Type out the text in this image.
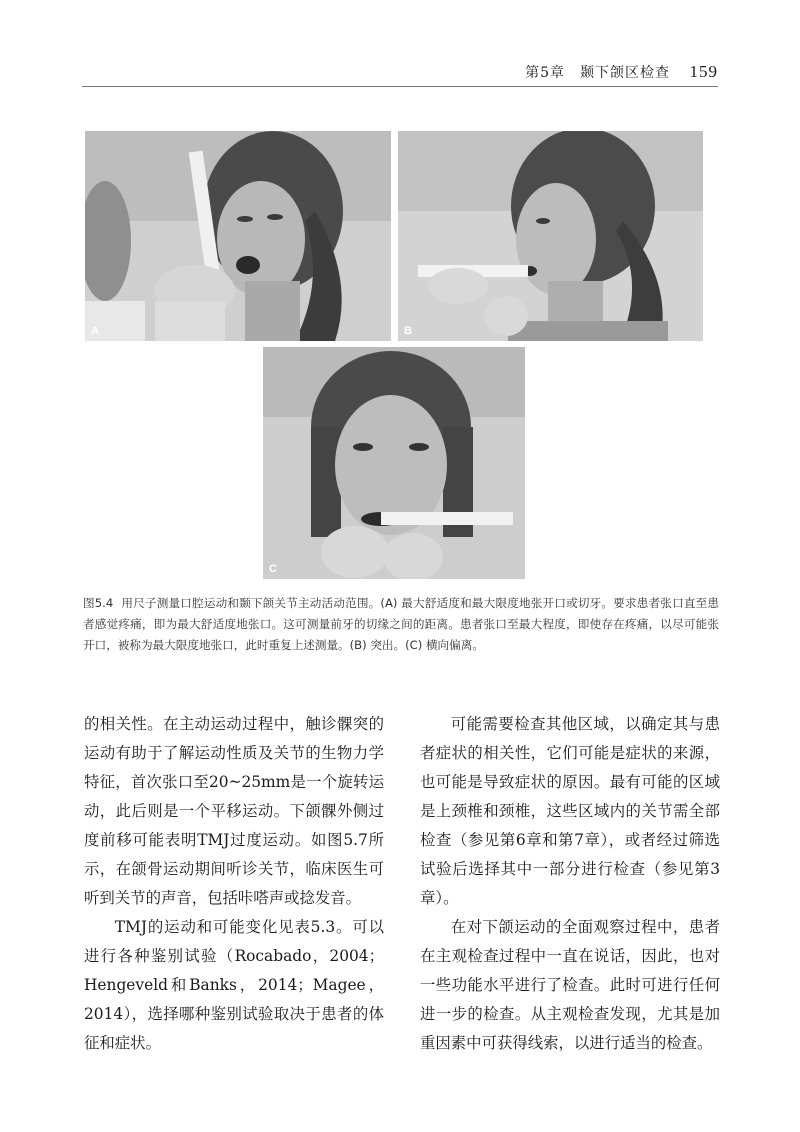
第5章　颞下颌区检查 159
A	B
C
图5.4 用尺子测量口腔运动和颞下颌关节主动活动范围。(A) 最大舒适度和最大限度地张开口或切牙。要求患者张口直至患者感觉疼痛，即为最大舒适度地张口。这可测量前牙的切缘之间的距离。患者张口至最大程度，即使存在疼痛，以尽可能张开口，被称为最大限度地张口，此时重复上述测量。(B) 突出。(C) 横向偏离。

的相关性。在主动运动过程中，触诊髁突的运动有助于了解运动性质及关节的生物力学特征，首次张口至20~25mm是一个旋转运动，此后则是一个平移运动。下颌髁外侧过度前移可能表明TMJ过度运动。如图5.7所示，在颌骨运动期间听诊关节，临床医生可听到关节的声音，包括咔嗒声或捻发音。

TMJ的运动和可能变化见表5.3。可以进行各种鉴别试验（Rocabado，2004；Hengeveld和Banks，2014；Magee，2014），选择哪种鉴别试验取决于患者的体征和症状。

可能需要检查其他区域，以确定其与患者症状的相关性，它们可能是症状的来源，也可能是导致症状的原因。最有可能的区域是上颈椎和颈椎，这些区域内的关节需全部检查（参见第6章和第7章），或者经过筛选试验后选择其中一部分进行检查（参见第3章）。

在对下颌运动的全面观察过程中，患者在主观检查过程中一直在说话，因此，也对一些功能水平进行了检查。此时可进行任何进一步的检查。从主观检查发现，尤其是加重因素中可获得线索，以进行适当的检查。
